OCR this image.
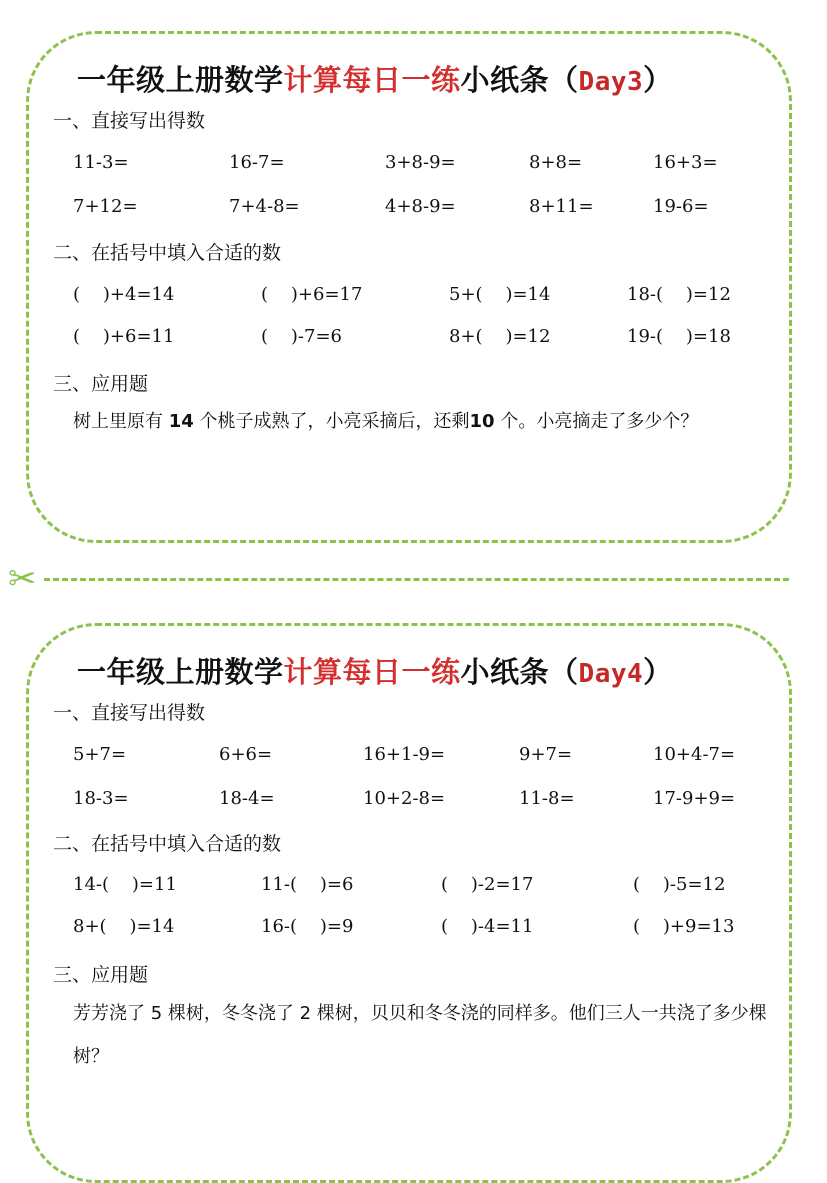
一年级上册数学计算每日一练小纸条（Day3）
一、直接写出得数
11-3=	16-7=	3+8-9=	8+8=	16+3=
7+12=	7+4-8=	4+8-9=	8+11=	19-6=
二、在括号中填入合适的数
(    )+4=14	(    )+6=17	5+(    )=14	18-(    )=12
(    )+6=11	(    )-7=6	8+(    )=12	19-(    )=18
三、应用题
树上里原有 14 个桃子成熟了，小亮采摘后，还剩10 个。小亮摘走了多少个？
✂
一年级上册数学计算每日一练小纸条（Day4）
一、直接写出得数
5+7=	6+6=	16+1-9=	9+7=	10+4-7=
18-3=	18-4=	10+2-8=	11-8=	17-9+9=
二、在括号中填入合适的数
14-(    )=11	11-(    )=6	(    )-2=17	(    )-5=12
8+(    )=14	16-(    )=9	(    )-4=11	(    )+9=13
三、应用题
芳芳浇了 5 棵树，冬冬浇了 2 棵树，贝贝和冬冬浇的同样多。他们三人一共浇了多少棵树？
